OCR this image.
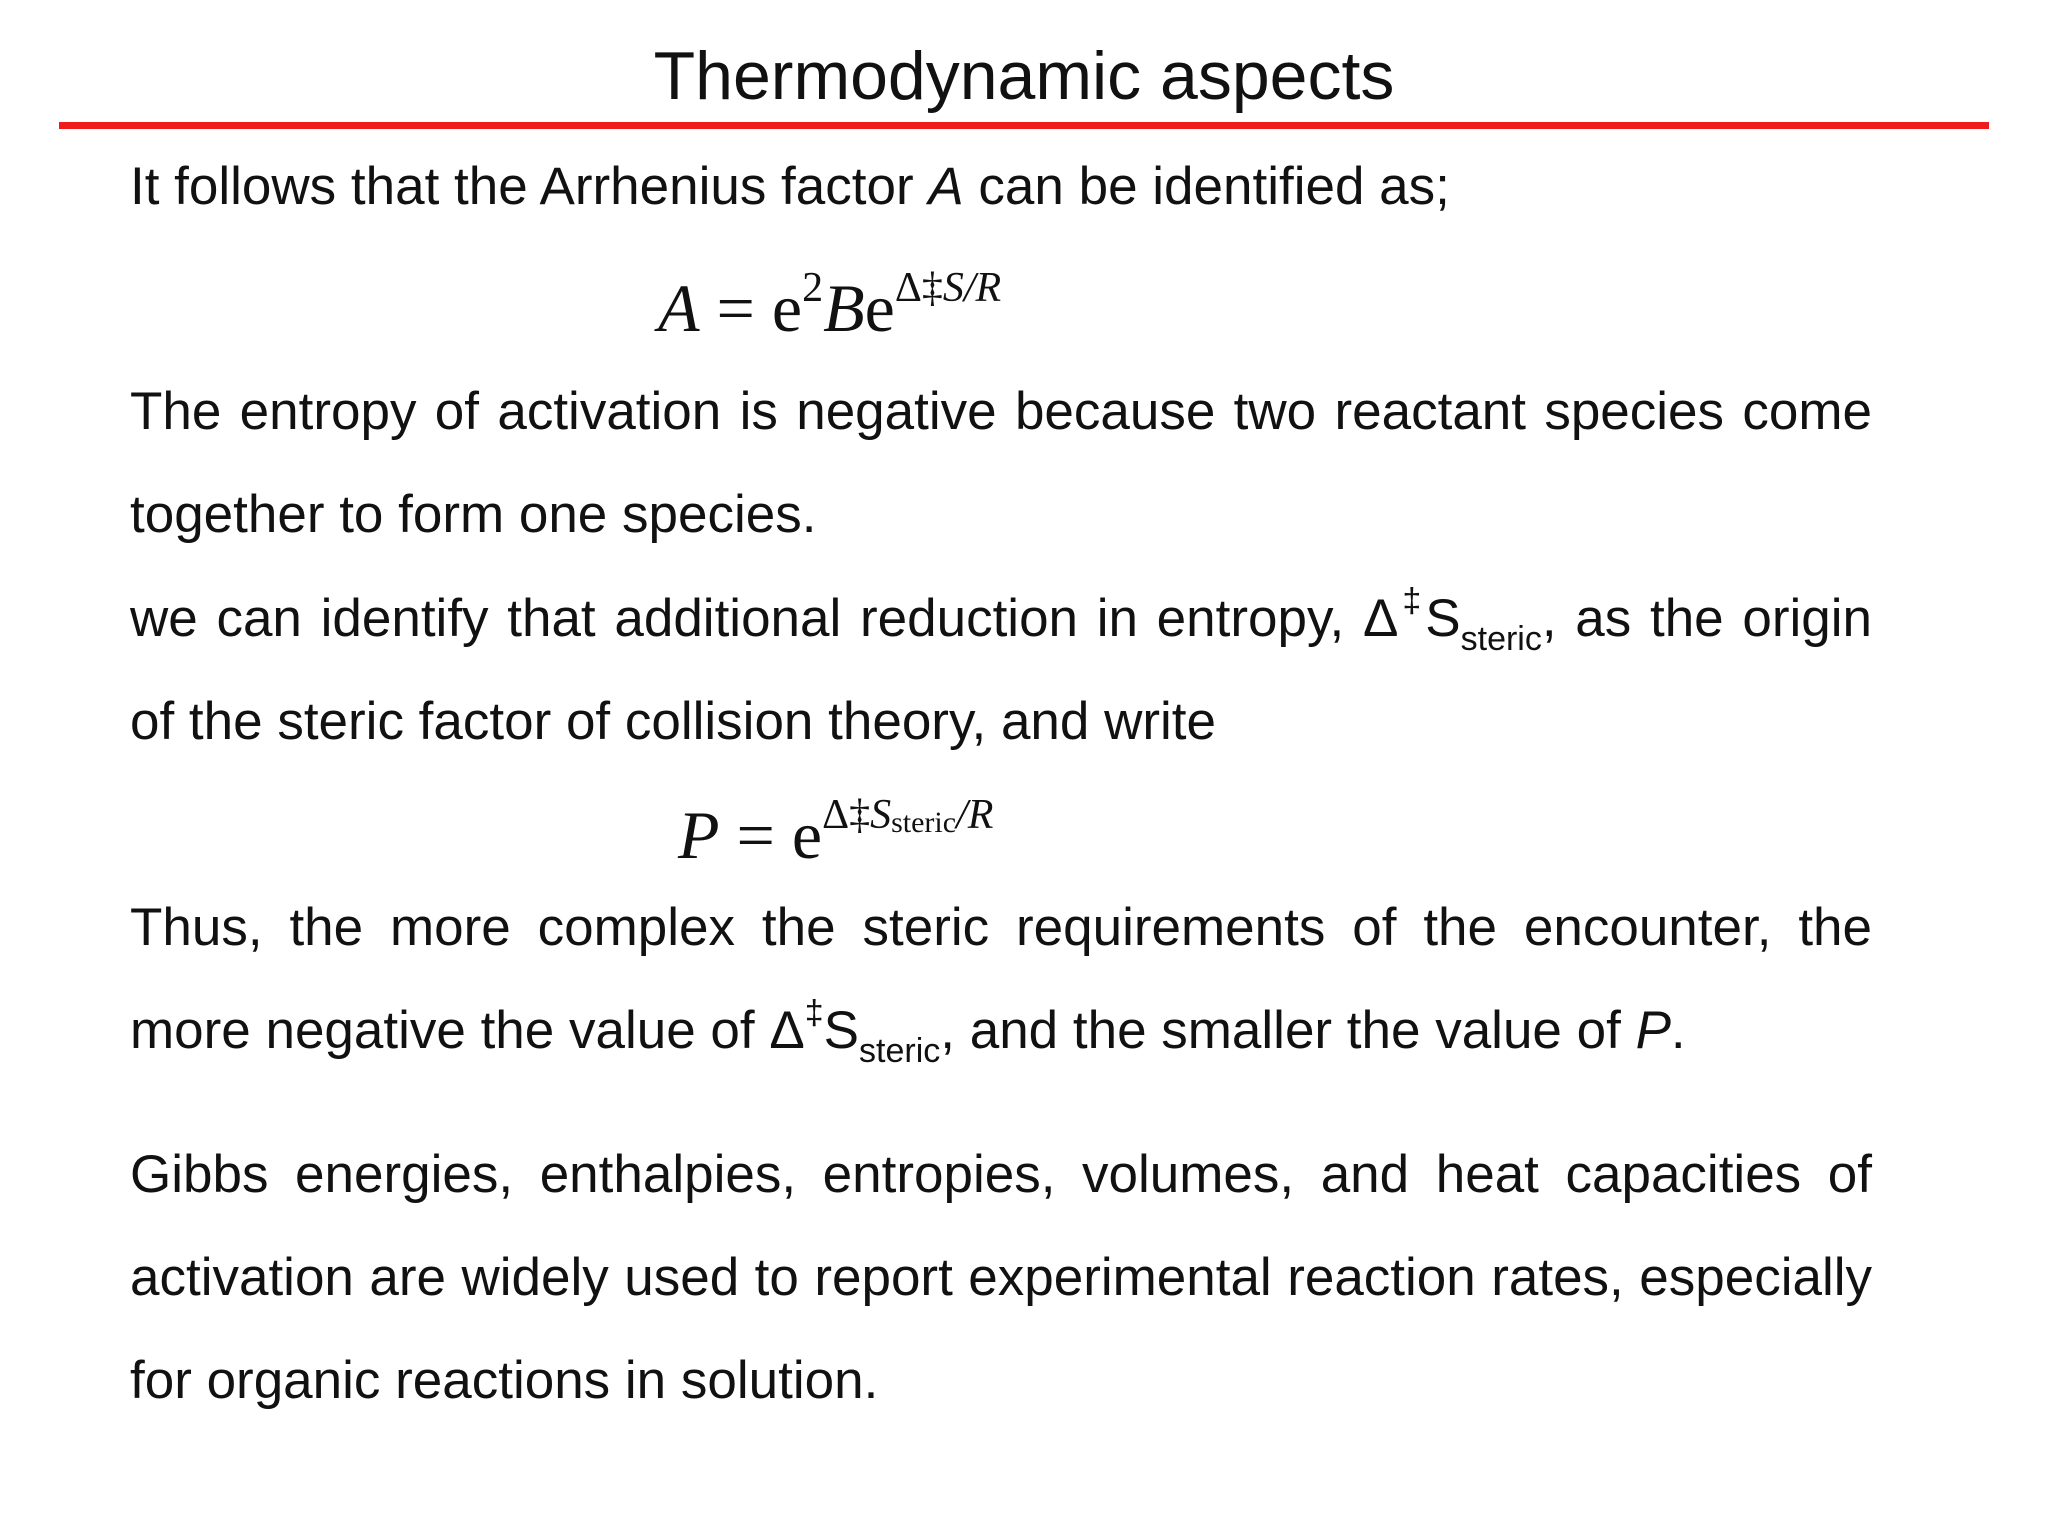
Thermodynamic aspects

It follows that the Arrhenius factor A can be identified as;

$A = e^2Be^{\Delta\ddagger S/R}$

The entropy of activation is negative because two reactant species come together to form one species.

we can identify that additional reduction in entropy, $\Delta^\ddagger S_{steric}$, as the origin of the steric factor of collision theory, and write

$P = e^{\Delta\ddagger Ssteric/R}$

Thus, the more complex the steric requirements of the encounter, the more negative the value of $\Delta^\ddagger S_{steric}$, and the smaller the value of P.

Gibbs energies, enthalpies, entropies, volumes, and heat capacities of activation are widely used to report experimental reaction rates, especially for organic reactions in solution.
